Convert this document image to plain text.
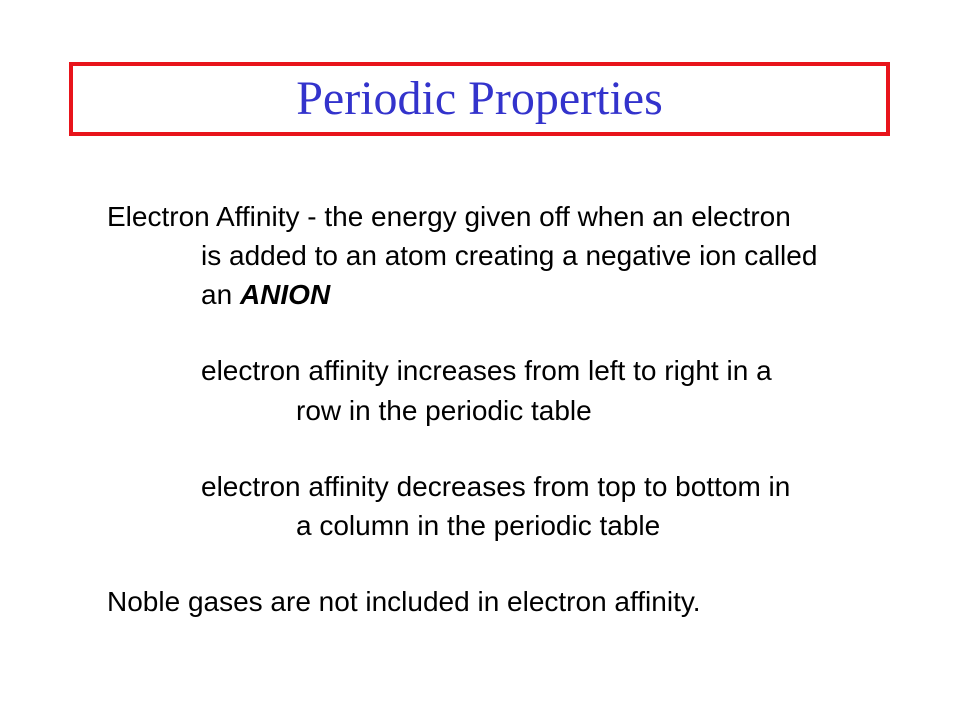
Periodic Properties
Electron Affinity - the energy given off when an electron
is added to an atom creating a negative ion called
an ANION
electron affinity increases from left to right in a
row in the periodic table
electron affinity decreases from top to bottom in
a column in the periodic table
Noble gases are not included in electron affinity.
